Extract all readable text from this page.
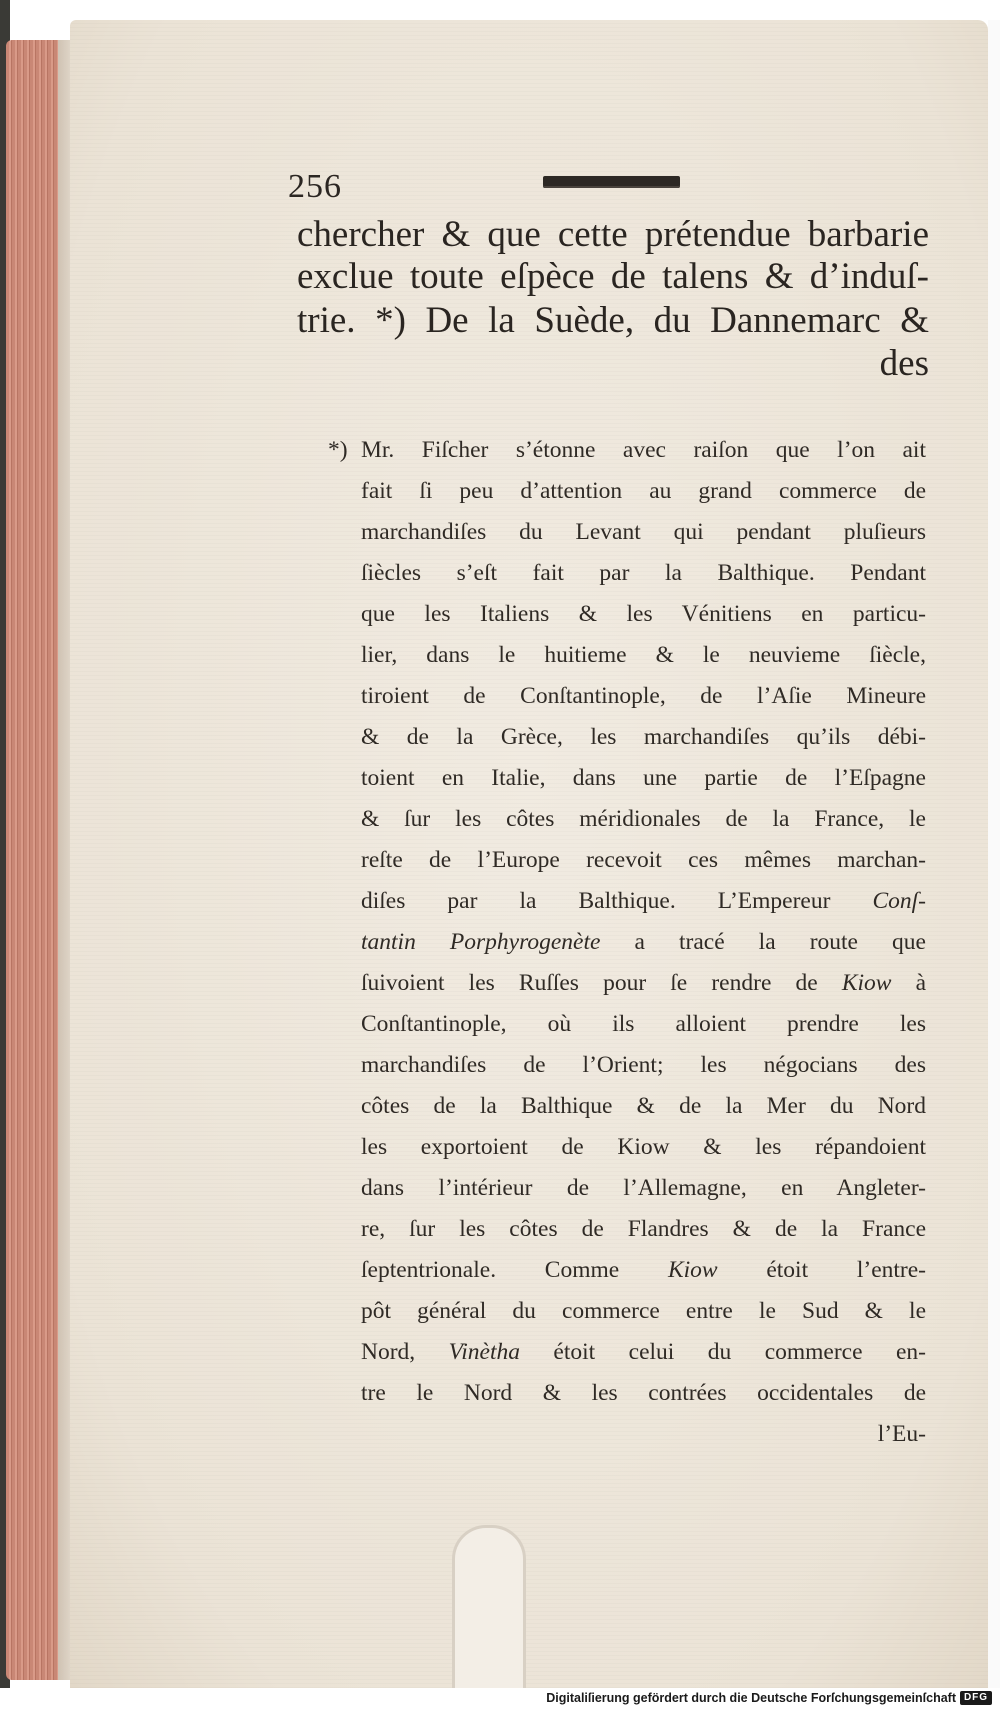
256
chercher & que cette prétendue barbarie
exclue toute eſpèce de talens & d’induſ-
trie. *) De la Suède, du Dannemarc &
des
*) Mr. Fiſcher s’étonne avec raiſon que l’on ait
fait ſi peu d’attention au grand commerce de
marchandiſes du Levant qui pendant pluſieurs
ſiècles s’eſt fait par la Balthique. Pendant
que les Italiens & les Vénitiens en particu-
lier, dans le huitieme & le neuvieme ſiècle,
tiroient de Conſtantinople, de l’Aſie Mineure
& de la Grèce, les marchandiſes qu’ils débi-
toient en Italie, dans une partie de l’Eſpagne
& ſur les côtes méridionales de la France, le
reſte de l’Europe recevoit ces mêmes marchan-
diſes par la Balthique. L’Empereur Conſ-
tantin Porphyrogenète a tracé la route que
ſuivoient les Ruſſes pour ſe rendre de Kiow à
Conſtantinople, où ils alloient prendre les
marchandiſes de l’Orient; les négocians des
côtes de la Balthique & de la Mer du Nord
les exportoient de Kiow & les répandoient
dans l’intérieur de l’Allemagne, en Angleter-
re, ſur les côtes de Flandres & de la France
ſeptentrionale. Comme Kiow étoit l’entre-
pôt général du commerce entre le Sud & le
Nord, Vinètha étoit celui du commerce en-
tre le Nord & les contrées occidentales de
l’Eu-
Digitaliſierung gefördert durch die Deutsche Forſchungsgemeinſchaft DFG
